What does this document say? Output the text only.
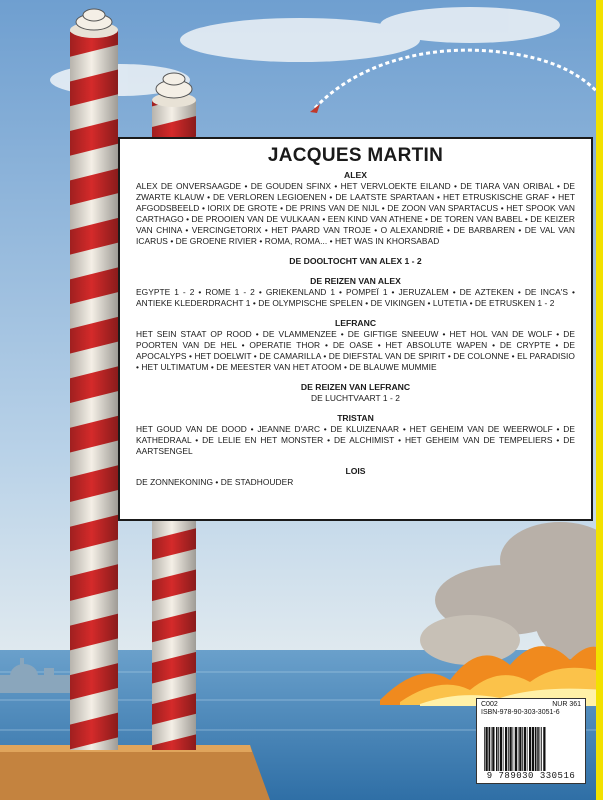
JACQUES MARTIN
ALEX
ALEX DE ONVERSAAGDE • DE GOUDEN SFINX • HET VERVLOEKTE EILAND • DE TIARA VAN ORIBAL • DE ZWARTE KLAUW • DE VERLOREN LEGIOENEN • DE LAATSTE SPARTAAN • HET ETRUSKISCHE GRAF • HET AFGODSBEELD • IORIX DE GROTE • DE PRINS VAN DE NIJL • DE ZOON VAN SPARTACUS • HET SPOOK VAN CARTHAGO • DE PROOIEN VAN DE VULKAAN • EEN KIND VAN ATHENE • DE TOREN VAN BABEL • DE KEIZER VAN CHINA • VERCINGETORIX • HET PAARD VAN TROJE • O ALEXANDRIË • DE BARBAREN • DE VAL VAN ICARUS • DE GROENE RIVIER • ROMA, ROMA... • HET WAS IN KHORSABAD
DE DOOLTOCHT VAN ALEX 1 - 2
DE REIZEN VAN ALEX
EGYPTE 1 - 2 • ROME 1 - 2 • GRIEKENLAND 1 • POMPEÏ 1 • JERUZALEM • DE AZTEKEN • DE INCA'S • ANTIEKE KLEDERDRACHT 1 • DE OLYMPISCHE SPELEN • DE VIKINGEN • LUTETIA • DE ETRUSKEN 1 - 2
LEFRANC
HET SEIN STAAT OP ROOD • DE VLAMMENZEE • DE GIFTIGE SNEEUW • HET HOL VAN DE WOLF • DE POORTEN VAN DE HEL • OPERATIE THOR • DE OASE • HET ABSOLUTE WAPEN • DE CRYPTE • DE APOCALYPS • HET DOELWIT • DE CAMARILLA • DE DIEFSTAL VAN DE SPIRIT • DE COLONNE • EL PARADISIO • HET ULTIMATUM • DE MEESTER VAN HET ATOOM • DE BLAUWE MUMMIE
DE REIZEN VAN LEFRANC
DE LUCHTVAART 1 - 2
TRISTAN
HET GOUD VAN DE DOOD • JEANNE D'ARC • DE KLUIZENAAR • HET GEHEIM VAN DE WEERWOLF • DE KATHEDRAAL • DE LELIE EN HET MONSTER • DE ALCHIMIST • HET GEHEIM VAN DE TEMPELIERS • DE AARTSENGEL
LOIS
DE ZONNEKONING • DE STADHOUDER
C002	NUR 361
ISBN-978-90-303-3051-6
9 789030 330516
